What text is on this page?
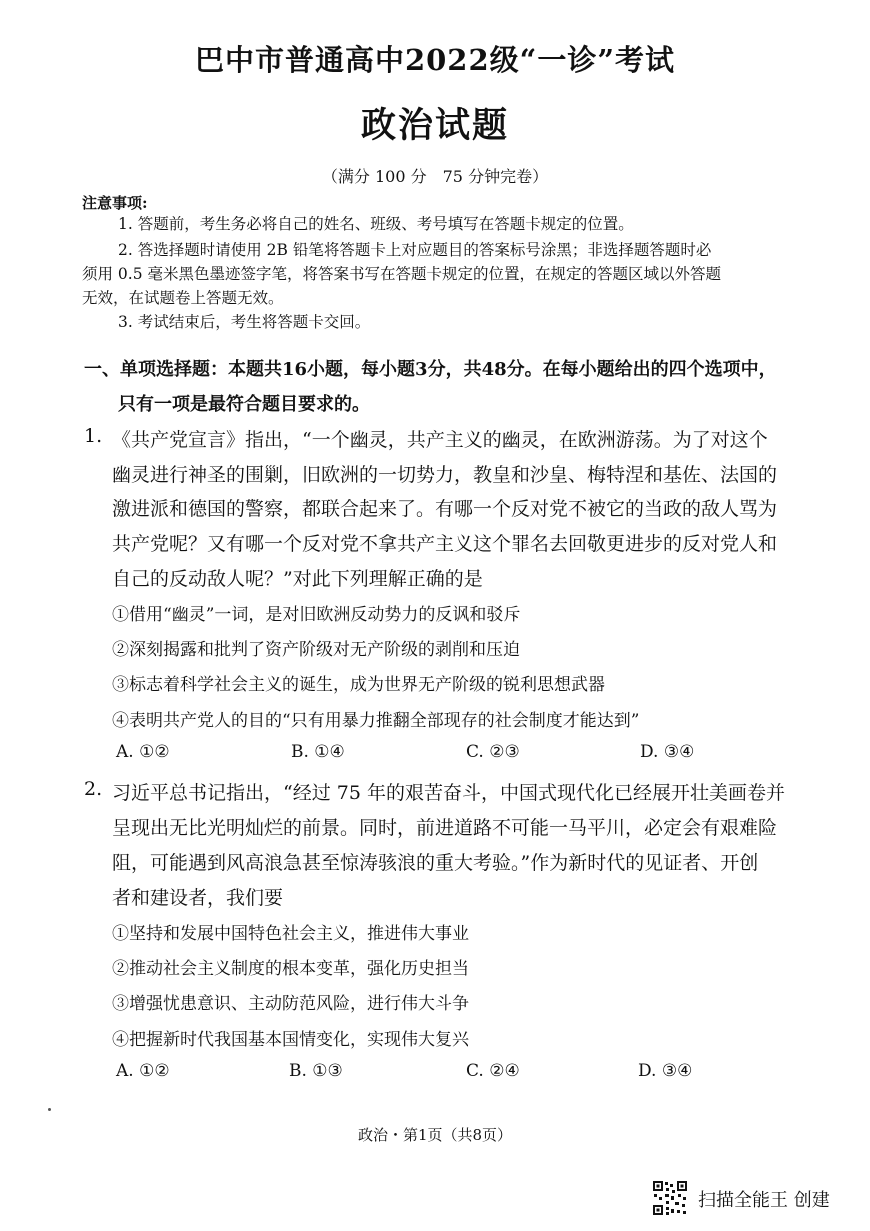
巴中市普通高中2022级“一诊”考试
政治试题
（满分 100 分　75 分钟完卷）
注意事项:
1. 答题前，考生务必将自己的姓名、班级、考号填写在答题卡规定的位置。
2. 答选择题时请使用 2B 铅笔将答题卡上对应题目的答案标号涂黑；非选择题答题时必
须用 0.5 毫米黑色墨迹签字笔，将答案书写在答题卡规定的位置，在规定的答题区域以外答题
无效，在试题卷上答题无效。
3. 考试结束后，考生将答题卡交回。
一、单项选择题：本题共16小题，每小题3分，共48分。在每小题给出的四个选项中，
只有一项是最符合题目要求的。
1. 《共产党宣言》指出，“一个幽灵，共产主义的幽灵，在欧洲游荡。为了对这个
幽灵进行神圣的围剿，旧欧洲的一切势力，教皇和沙皇、梅特涅和基佐、法国的
激进派和德国的警察，都联合起来了。有哪一个反对党不被它的当政的敌人骂为
共产党呢？又有哪一个反对党不拿共产主义这个罪名去回敬更进步的反对党人和
自己的反动敌人呢？”对此下列理解正确的是
①借用“幽灵”一词，是对旧欧洲反动势力的反讽和驳斥
②深刻揭露和批判了资产阶级对无产阶级的剥削和压迫
③标志着科学社会主义的诞生，成为世界无产阶级的锐利思想武器
④表明共产党人的目的“只有用暴力推翻全部现存的社会制度才能达到”
A. ①②	B. ①④	C. ②③	D. ③④
2. 习近平总书记指出，“经过 75 年的艰苦奋斗，中国式现代化已经展开壮美画卷并
呈现出无比光明灿烂的前景。同时，前进道路不可能一马平川，必定会有艰难险
阻，可能遇到风高浪急甚至惊涛骇浪的重大考验。”作为新时代的见证者、开创
者和建设者，我们要
①坚持和发展中国特色社会主义，推进伟大事业
②推动社会主义制度的根本变革，强化历史担当
③增强忧患意识、主动防范风险，进行伟大斗争
④把握新时代我国基本国情变化，实现伟大复兴
A. ①②	B. ①③	C. ②④	D. ③④
政治・第1页（共8页）
扫描全能王 创建
